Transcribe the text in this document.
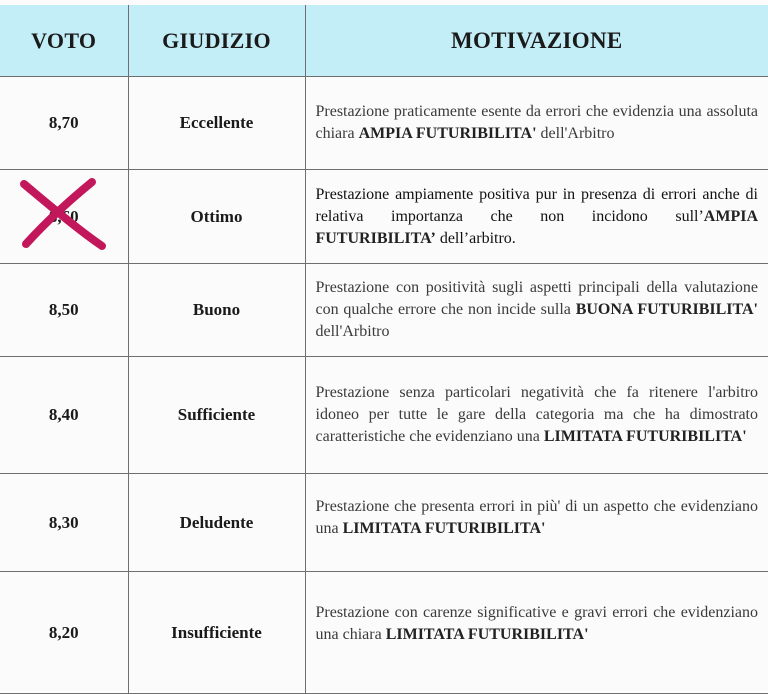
VOTO	GIUDIZIO	MOTIVAZIONE
8,70	Eccellente	Prestazione praticamente esente da errori che evidenzia una assoluta chiara AMPIA FUTURIBILITA' dell'Arbitro
8,60	Ottimo	Prestazione ampiamente positiva pur in presenza di errori anche di relativa importanza che non incidono sull’AMPIA FUTURIBILITA’ dell’arbitro.
8,50	Buono	Prestazione con positività sugli aspetti principali della valutazione con qualche errore che non incide sulla BUONA FUTURIBILITA' dell'Arbitro
8,40	Sufficiente	Prestazione senza particolari negatività che fa ritenere l'arbitro idoneo per tutte le gare della categoria ma che ha dimostrato caratteristiche che evidenziano una LIMITATA FUTURIBILITA'
8,30	Deludente	Prestazione che presenta errori in più' di un aspetto che evidenziano una LIMITATA FUTURIBILITA'
8,20	Insufficiente	Prestazione con carenze significative e gravi errori che evidenziano una chiara LIMITATA FUTURIBILITA'
